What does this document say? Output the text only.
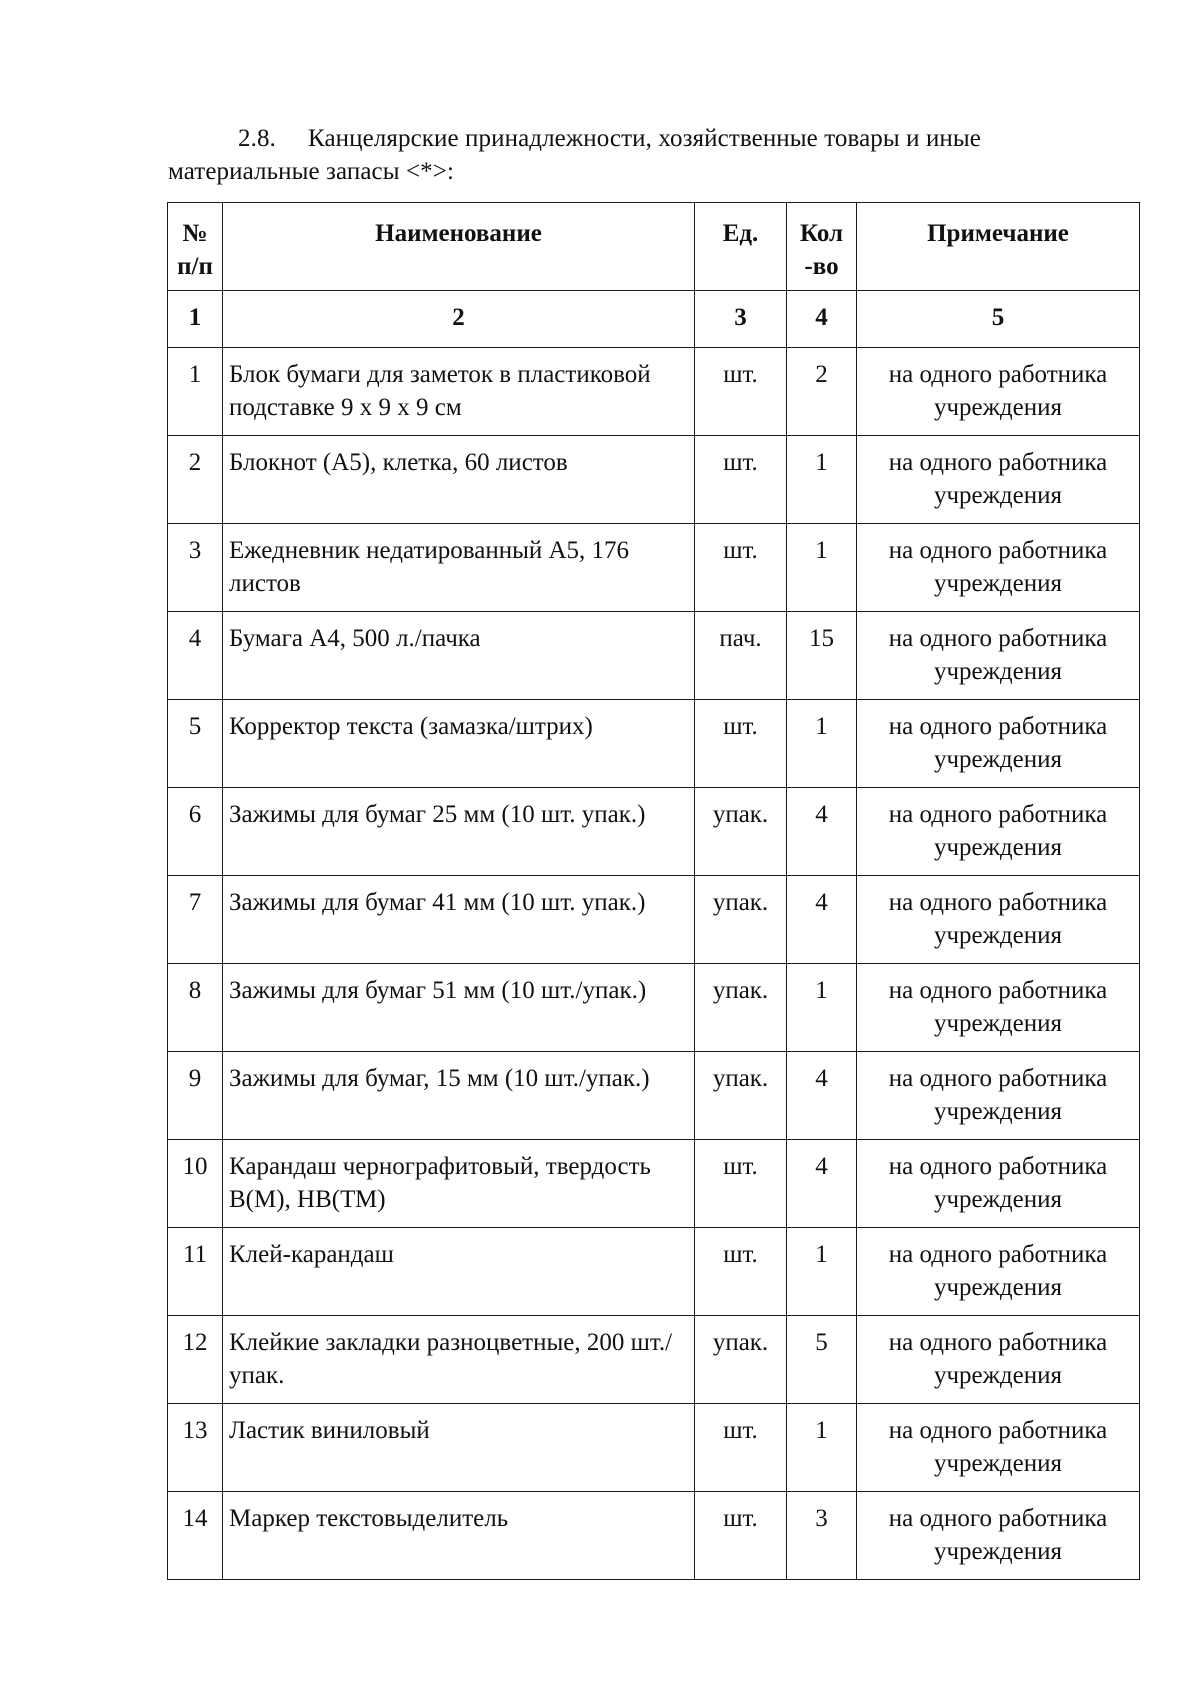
2.8. Канцелярские принадлежности, хозяйственные товары и иные
материальные запасы <*>:
№ п/п	Наименование	Ед.	Кол -во	Примечание
1	2	3	4	5
1	Блок бумаги для заметок в пластиковой подставке 9 х 9 х 9 см	шт.	2	на одного работника учреждения
2	Блокнот (А5), клетка, 60 листов	шт.	1	на одного работника учреждения
3	Ежедневник недатированный А5, 176 листов	шт.	1	на одного работника учреждения
4	Бумага А4, 500 л./пачка	пач.	15	на одного работника учреждения
5	Корректор текста (замазка/штрих)	шт.	1	на одного работника учреждения
6	Зажимы для бумаг 25 мм (10 шт. упак.)	упак.	4	на одного работника учреждения
7	Зажимы для бумаг 41 мм (10 шт. упак.)	упак.	4	на одного работника учреждения
8	Зажимы для бумаг 51 мм (10 шт./упак.)	упак.	1	на одного работника учреждения
9	Зажимы для бумаг, 15 мм (10 шт./упак.)	упак.	4	на одного работника учреждения
10	Карандаш чернографитовый, твердость В(М), НВ(ТМ)	шт.	4	на одного работника учреждения
11	Клей-карандаш	шт.	1	на одного работника учреждения
12	Клейкие закладки разноцветные, 200 шт./упак.	упак.	5	на одного работника учреждения
13	Ластик виниловый	шт.	1	на одного работника учреждения
14	Маркер текстовыделитель	шт.	3	на одного работника учреждения
